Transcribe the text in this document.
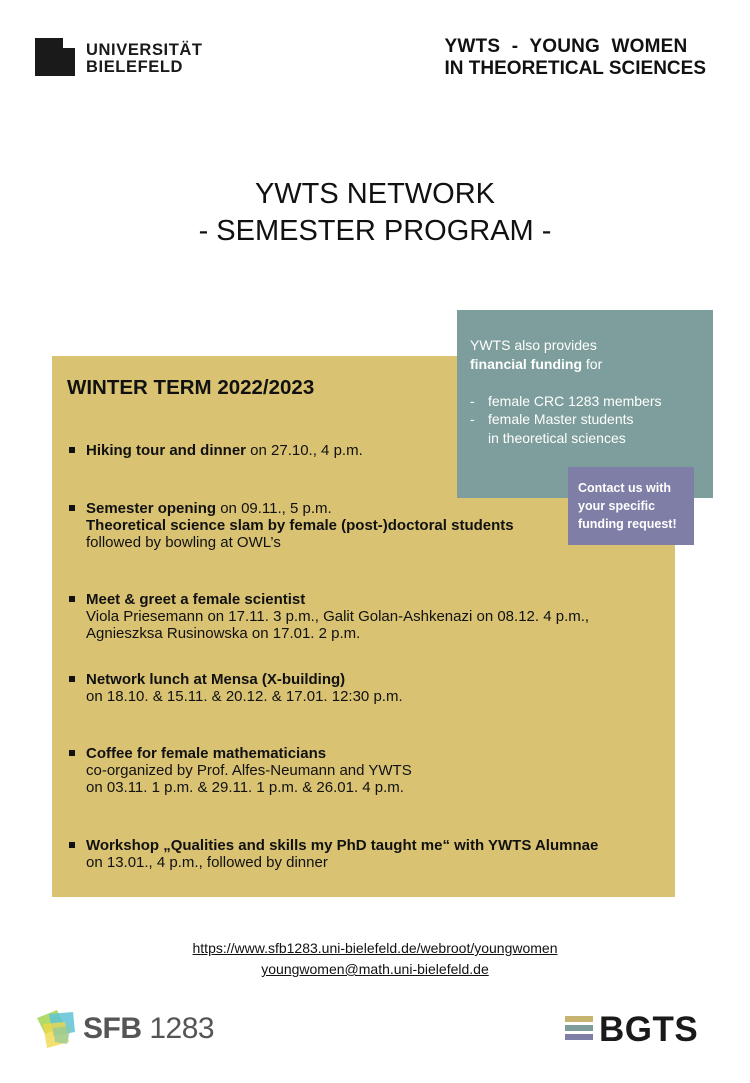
UNIVERSITÄT
BIELEFELD
YWTS - YOUNG WOMEN
IN THEORETICAL SCIENCES
YWTS NETWORK
- SEMESTER PROGRAM -
WINTER TERM 2022/2023
Hiking tour and dinner on 27.10., 4 p.m.
Semester opening on 09.11., 5 p.m.
Theoretical science slam by female (post-)doctoral students
followed by bowling at OWL’s
Meet & greet a female scientist
Viola Priesemann on 17.11. 3 p.m., Galit Golan-Ashkenazi on 08.12. 4 p.m.,
Agnieszksa Rusinowska on 17.01. 2 p.m.
Network lunch at Mensa (X-building)
on 18.10. & 15.11. & 20.12. & 17.01. 12:30 p.m.
Coffee for female mathematicians
co-organized by Prof. Alfes-Neumann and YWTS
on 03.11. 1 p.m. & 29.11. 1 p.m. & 26.01. 4 p.m.
Workshop „Qualities and skills my PhD taught me“ with YWTS Alumnae
on 13.01., 4 p.m., followed by dinner
YWTS also provides
financial funding for
- female CRC 1283 members
- female Master students
in theoretical sciences
Contact us with
your specific
funding request!
https://www.sfb1283.uni-bielefeld.de/webroot/youngwomen
youngwomen@math.uni-bielefeld.de
SFB 1283	BGTS
